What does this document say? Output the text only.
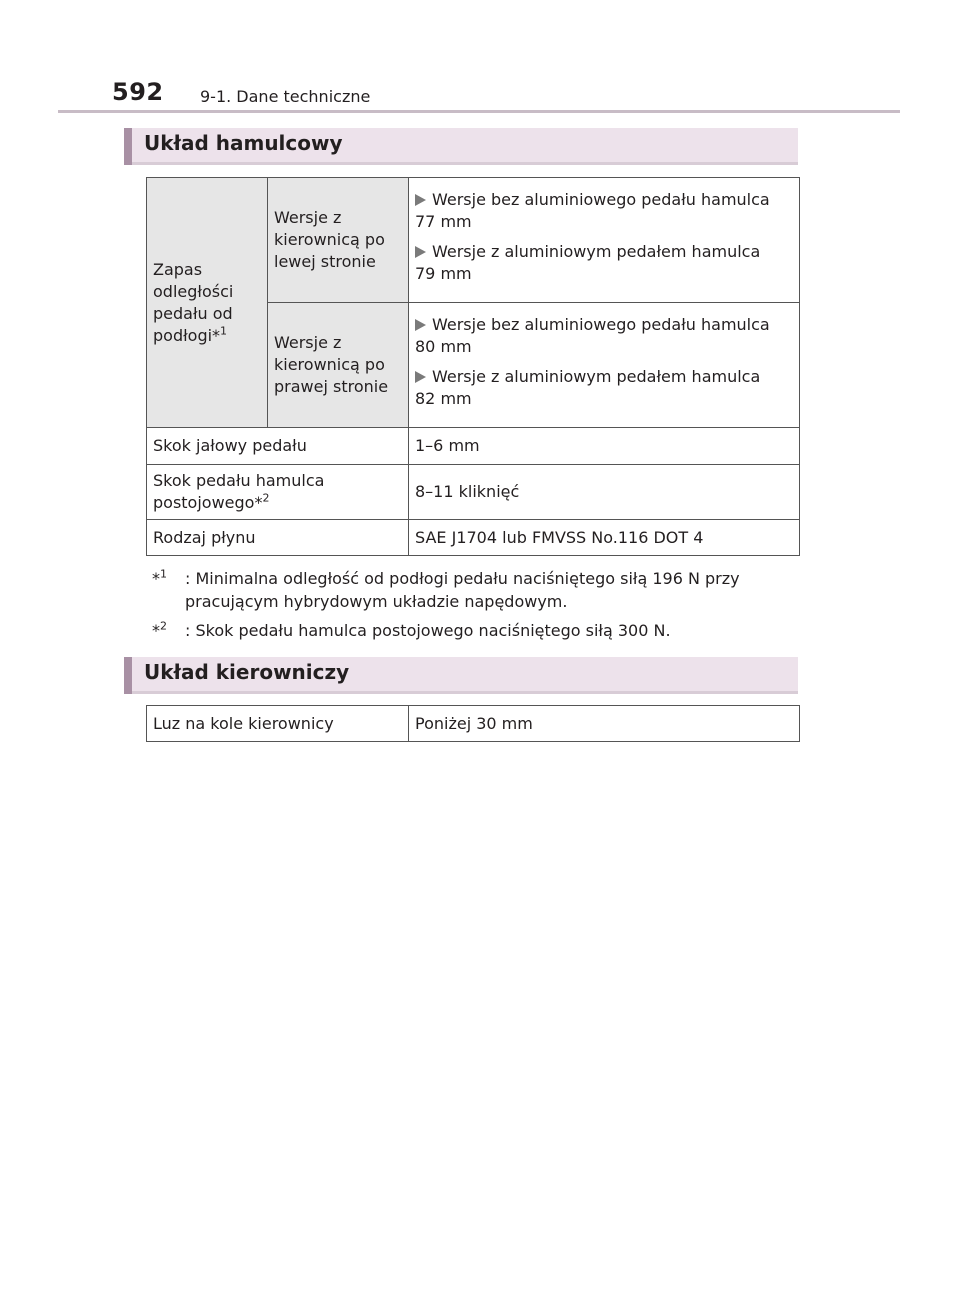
592 9-1. Dane techniczne
Układ hamulcowy
Zapas odległości pedału od podłogi*$^1$	Wersje z kierownicą po lewej stronie	Wersje bez aluminiowego pedału hamulca
77 mm
Wersje z aluminiowym pedałem hamulca
79 mm

	Wersje z kierownicą po prawej stronie	Wersje bez aluminiowego pedału hamulca
80 mm
Wersje z aluminiowym pedałem hamulca
82 mm

Skok jałowy pedału		1–6 mm
Skok pedału hamulca postojowego*$^2$		8–11 kliknięć
Rodzaj płynu		SAE J1704 lub FMVSS No.116 DOT 4
*$^1$	: Minimalna odległość od podłogi pedału naciśniętego siłą 196 N przy pracującym hybrydowym układzie napędowym.
*$^2$	: Skok pedału hamulca postojowego naciśniętego siłą 300 N.
Układ kierowniczy
Luz na kole kierownicy	Poniżej 30 mm
